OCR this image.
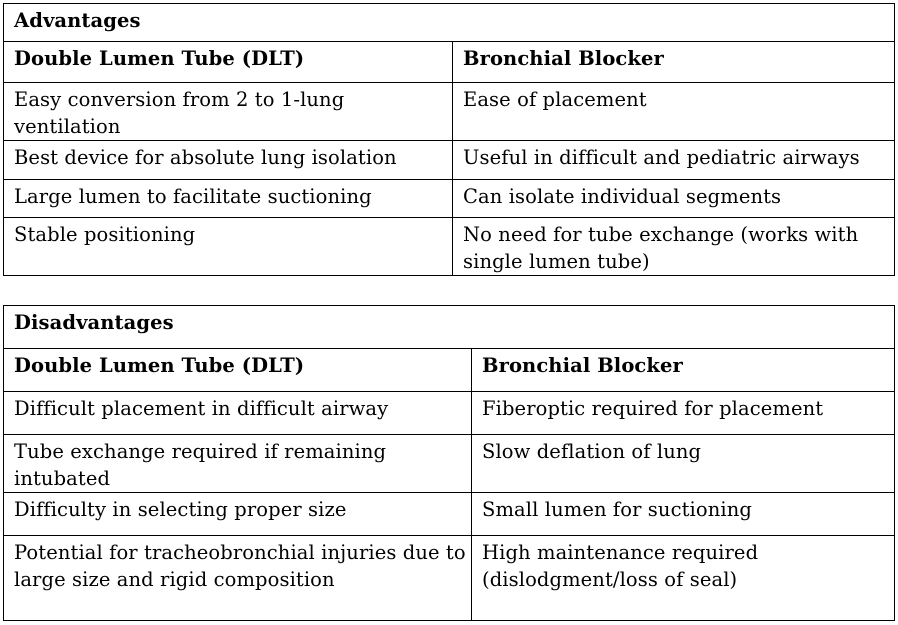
Advantages	
Double Lumen Tube (DLT)	Bronchial Blocker
Easy conversion from 2 to 1-lung ventilation	Ease of placement
Best device for absolute lung isolation	Useful in difficult and pediatric airways
Large lumen to facilitate suctioning	Can isolate individual segments
Stable positioning	No need for tube exchange (works with single lumen tube)
Disadvantages	
Double Lumen Tube (DLT)	Bronchial Blocker
Difficult placement in difficult airway	Fiberoptic required for placement
Tube exchange required if remaining intubated	Slow deflation of lung
Difficulty in selecting proper size	Small lumen for suctioning
Potential for tracheobronchial injuries due to large size and rigid composition	High maintenance required (dislodgment/loss of seal)
